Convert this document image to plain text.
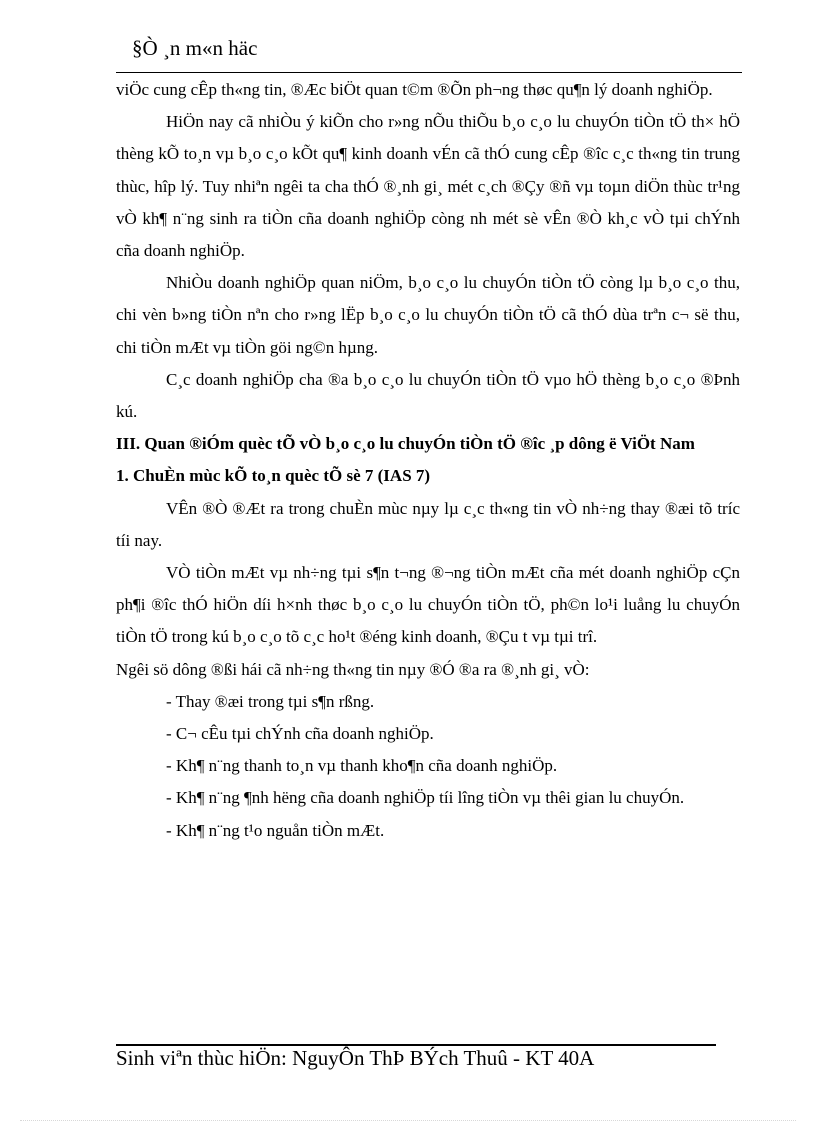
§Ò ¸n m«n häc

viÖc cung cÊp th«ng tin, ®Æc biÖt quan t©m ®Õn ph¬ng thøc qu¶n lý doanh nghiÖp.

HiÖn nay cã nhiÒu ý kiÕn cho r»ng nÕu thiÕu b¸o c¸o lu chuyÓn tiÒn tÖ th× hÖ thèng kÕ to¸n vµ b¸o c¸o kÕt qu¶ kinh doanh vÉn cã thÓ cung cÊp ®îc c¸c th«ng tin trung thùc, hîp lý. Tuy nhiªn ngêi ta cha thÓ ®¸nh gi¸ mét c¸ch ®Çy ®ñ vµ toµn diÖn thùc tr¹ng vÒ kh¶ n¨ng sinh ra tiÒn cña doanh nghiÖp còng nh mét sè vÊn ®Ò kh¸c vÒ tµi chÝnh cña doanh nghiÖp.

NhiÒu doanh nghiÖp quan niÖm, b¸o c¸o lu chuyÓn tiÒn tÖ còng lµ b¸o c¸o thu, chi vèn b»ng tiÒn nªn cho r»ng lËp b¸o c¸o lu chuyÓn tiÒn tÖ cã thÓ dùa trªn c¬ së thu, chi tiÒn mÆt vµ tiÒn göi ng©n hµng.

C¸c doanh nghiÖp cha ®a b¸o c¸o lu chuyÓn tiÒn tÖ vµo hÖ thèng b¸o c¸o ®Þnh kú.

III. Quan ®iÓm quèc tÕ vÒ b¸o c¸o lu chuyÓn tiÒn tÖ ®îc ¸p dông ë ViÖt Nam

1. ChuÈn mùc kÕ to¸n quèc tÕ sè 7 (IAS 7)

VÊn ®Ò ®Æt ra trong chuÈn mùc nµy lµ c¸c th«ng tin vÒ nh÷ng thay ®æi tõ tríc tíi nay.

VÒ tiÒn mÆt vµ nh÷ng tµi s¶n t¬ng ®¬ng tiÒn mÆt cña mét doanh nghiÖp cÇn ph¶i ®îc thÓ hiÖn díi h×nh thøc b¸o c¸o lu chuyÓn tiÒn tÖ, ph©n lo¹i luång lu chuyÓn tiÒn tÖ trong kú b¸o c¸o tõ c¸c ho¹t ®éng kinh doanh, ®Çu t vµ tµi trî.

Ngêi sö dông ®ßi hái cã nh÷ng th«ng tin nµy ®Ó ®a ra ®¸nh gi¸ vÒ:

- Thay ®æi trong tµi s¶n rßng.

- C¬ cÊu tµi chÝnh cña doanh nghiÖp.

- Kh¶ n¨ng thanh to¸n vµ thanh kho¶n cña doanh nghiÖp.

- Kh¶ n¨ng ¶nh hëng cña doanh nghiÖp tíi lîng tiÒn vµ thêi gian lu chuyÓn.

- Kh¶ n¨ng t¹o nguån tiÒn mÆt.

Sinh viªn thùc hiÖn: NguyÔn ThÞ BÝch Thuû - KT 40A
